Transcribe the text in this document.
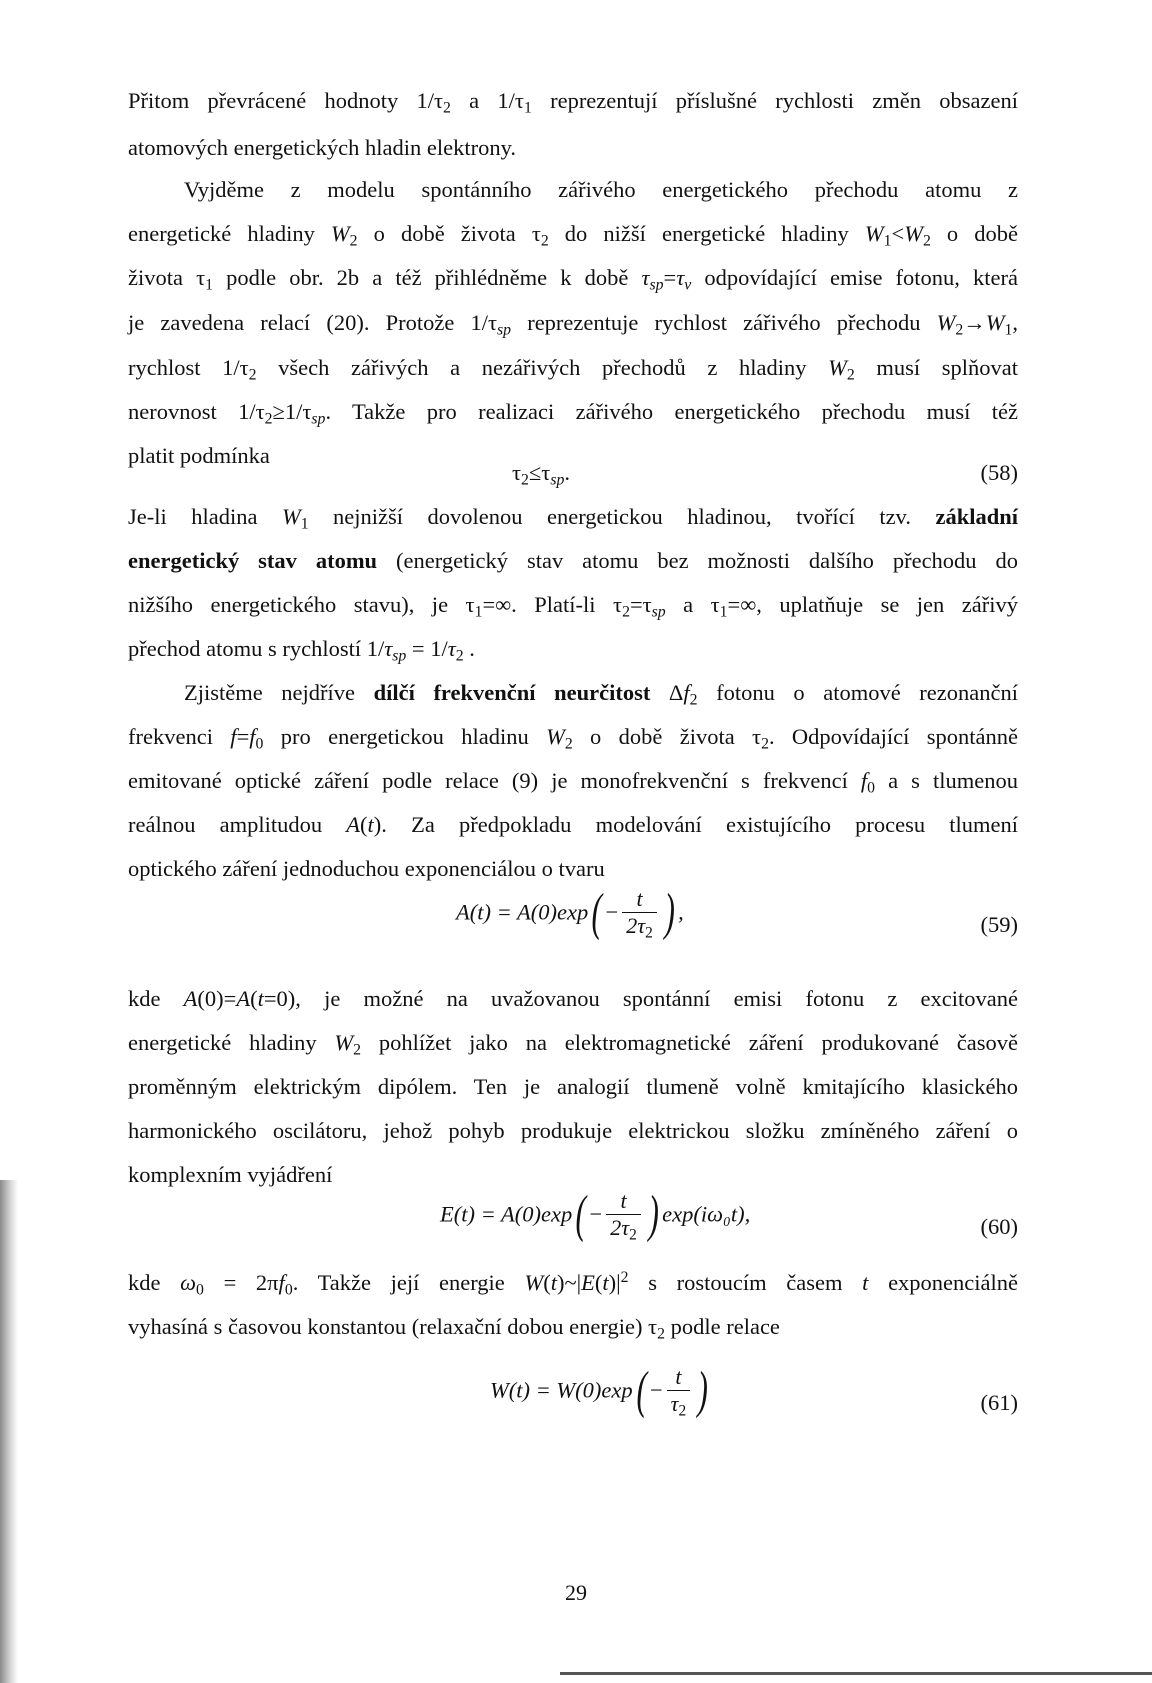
Přitom převrácené hodnoty $1/\tau_2$ a $1/\tau_1$ reprezentují příslušné rychlosti změn obsazení
atomových energetických hladin elektrony.
Vyjděme z modelu spontánního zářivého energetického přechodu atomu z
energetické hladiny $W_2$ o době života $\tau_2$ do nižší energetické hladiny $W_1<W_2$ o době
života $\tau_1$ podle obr. 2b a též přihlédněme k době $\tau_{sp}=\tau_v$ odpovídající emise fotonu, která
je zavedena relací (20). Protože $1/\tau_{sp}$ reprezentuje rychlost zářivého přechodu $W_2\to W_1$,
rychlost $1/\tau_2$ všech zářivých a nezářivých přechodů z hladiny $W_2$ musí splňovat
nerovnost $1/\tau_2\ge 1/\tau_{sp}$. Takže pro realizaci zářivého energetického přechodu musí též
platit podmínka
$\tau_2\le\tau_{sp}$.	(58)
Je-li hladina $W_1$ nejnižší dovolenou energetickou hladinou, tvořící tzv. základní
energetický stav atomu (energetický stav atomu bez možnosti dalšího přechodu do
nižšího energetického stavu), je $\tau_1=\infty$. Platí-li $\tau_2=\tau_{sp}$ a $\tau_1=\infty$, uplatňuje se jen zářivý
přechod atomu s rychlostí $1/\tau_{sp} = 1/\tau_2$ .
Zjistěme nejdříve dílčí frekvenční neurčitost $\Delta f_2$ fotonu o atomové rezonanční
frekvenci $f=f_0$ pro energetickou hladinu $W_2$ o době života $\tau_2$. Odpovídající spontánně
emitované optické záření podle relace (9) je monofrekvenční s frekvencí $f_0$ a s tlumenou
reálnou amplitudou A(t). Za předpokladu modelování existujícího procesu tlumení
optického záření jednoduchou exponenciálou o tvaru
$A(t) = A(0)\exp( - \frac{t}{2\tau_2}$ ) ,	(59)
kde A(0)=A(t=0), je možné na uvažovanou spontánní emisi fotonu z excitované
energetické hladiny $W_2$ pohlížet jako na elektromagnetické záření produkované časově
proměnným elektrickým dipólem. Ten je analogií tlumeně volně kmitajícího klasického
harmonického oscilátoru, jehož pohyb produkuje elektrickou složku zmíněného záření o
komplexním vyjádření
$E(t) = A(0)\exp( - \frac{t}{2\tau_2}$ ) exp(iω₀t),	(60)
kde $\omega_0 = 2\pi f_0$. Takže její energie $W(t)\sim|E(t)|^2$ s rostoucím časem t exponenciálně
vyhasíná s časovou konstantou (relaxační dobou energie) $\tau_2$ podle relace
$W(t) = W(0)\exp( - \frac{t}{\tau_2}$ )	(61)
29
